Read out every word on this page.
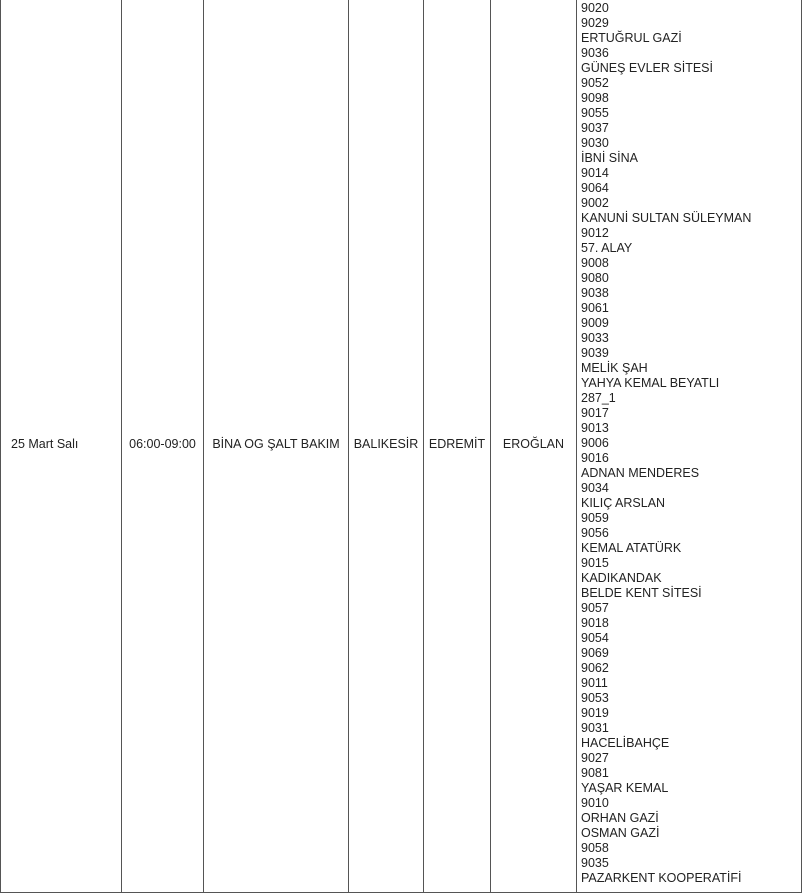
25 Mart Salı	06:00-09:00	BİNA OG ŞALT BAKIM	BALIKESİR	EDREMİT	EROĞLAN	
9020
9029
ERTUĞRUL GAZİ
9036
GÜNEŞ EVLER SİTESİ
9052
9098
9055
9037
9030
İBNİ SİNA
9014
9064
9002
KANUNİ SULTAN SÜLEYMAN
9012
57. ALAY
9008
9080
9038
9061
9009
9033
9039
MELİK ŞAH
YAHYA KEMAL BEYATLI
287_1
9017
9013
9006
9016
ADNAN MENDERES
9034
KILIÇ ARSLAN
9059
9056
KEMAL ATATÜRK
9015
KADIKANDAK
BELDE KENT SİTESİ
9057
9018
9054
9069
9062
9011
9053
9019
9031
HACELİBAHÇE
9027
9081
YAŞAR KEMAL
9010
ORHAN GAZİ
OSMAN GAZİ
9058
9035
PAZARKENT KOOPERATİFİ
